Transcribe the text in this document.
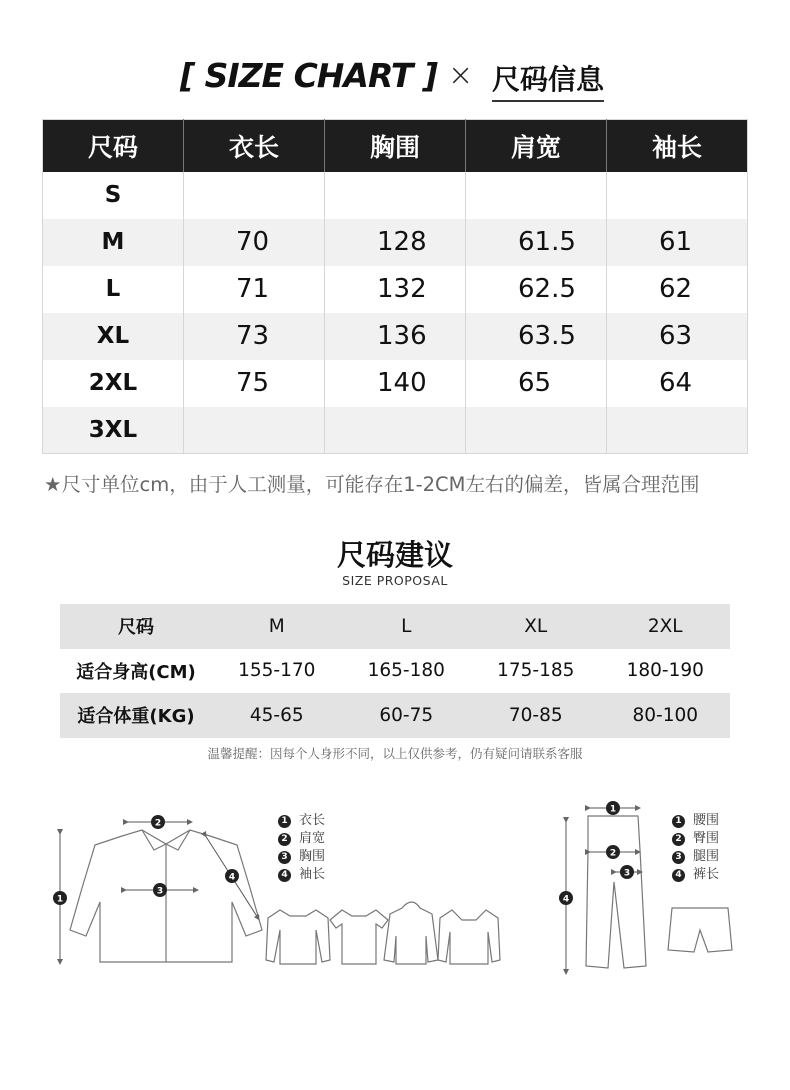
[ SIZE CHART ] × 尺码信息
尺码	衣长	胸围	肩宽	袖长
S				
M	70	128	61.5	61
L	71	132	62.5	62
XL	73	136	63.5	63
2XL	75	140	65	64
3XL				
★尺寸单位cm，由于人工测量，可能存在1-2CM左右的偏差，皆属合理范围
尺码建议
SIZE PROPOSAL
尺码	M	L	XL	2XL
适合身高(CM)	155-170	165-180	175-185	180-190
适合体重(KG)	45-65	60-75	70-85	80-100
温馨提醒：因每个人身形不同，以上仅供参考，仍有疑问请联系客服
1
2
3
4
1
2
3
4
1 衣长
2 肩宽
3 胸围
4 袖长
1 腰围
2 臀围
3 腿围
4 裤长
